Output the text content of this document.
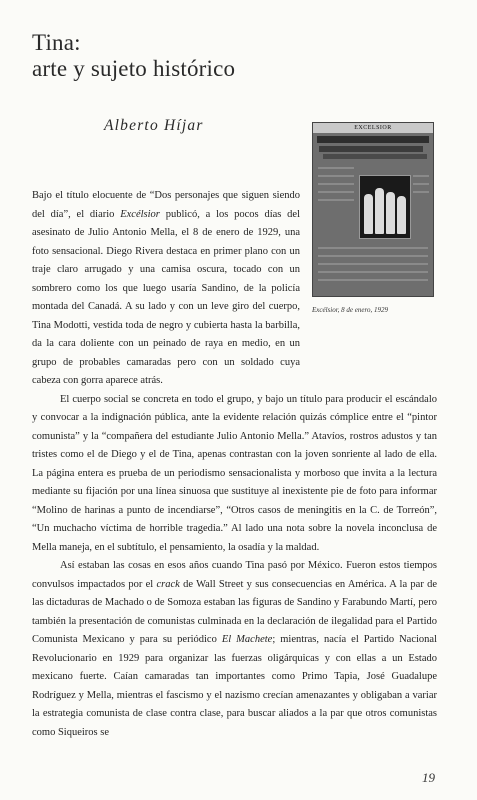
Tina:
arte y sujeto histórico
Alberto Híjar	EXCELSIOR
Excélsior, 8 de enero, 1929

Bajo el título elocuente de “Dos personajes que siguen siendo del día”, el diario Excélsior publicó, a los pocos días del asesinato de Julio Antonio Mella, el 8 de enero de 1929, una foto sensacional. Diego Rivera destaca en primer plano con un traje claro arrugado y una camisa oscura, tocado con un sombrero como los que luego usaría Sandino, de la policía montada del Canadá. A su lado y con un leve giro del cuerpo, Tina Modotti, vestida toda de negro y cubierta hasta la barbilla, da la cara doliente con un peinado de raya en medio, en un grupo de probables camaradas pero con un soldado cuya cabeza con gorra aparece atrás.

El cuerpo social se concreta en todo el grupo, y bajo un título para producir el escándalo y convocar a la indignación pública, ante la evidente relación quizás cómplice entre el “pintor comunista” y la “compañera del estudiante Julio Antonio Mella.” Atavíos, rostros adustos y tan tristes como el de Diego y el de Tina, apenas contrastan con la joven sonriente al lado de ella. La página entera es prueba de un periodismo sensacionalista y morboso que invita a la lectura mediante su fijación por una línea sinuosa que sustituye al inexistente pie de foto para informar “Molino de harinas a punto de incendiarse”, “Otros casos de meningitis en la C. de Torreón”, “Un muchacho víctima de horrible tragedia.” Al lado una nota sobre la novela inconclusa de Mella maneja, en el subtítulo, el pensamiento, la osadía y la maldad.

Así estaban las cosas en esos años cuando Tina pasó por México. Fueron estos tiempos convulsos impactados por el crack de Wall Street y sus consecuencias en América. A la par de las dictaduras de Machado o de Somoza estaban las figuras de Sandino y Farabundo Martí, pero también la presentación de comunistas culminada en la declaración de ilegalidad para el Partido Comunista Mexicano y para su periódico El Machete; mientras, nacía el Partido Nacional Revolucionario en 1929 para organizar las fuerzas oligárquicas y con ellas a un Estado mexicano fuerte. Caían camaradas tan importantes como Primo Tapia, José Guadalupe Rodríguez y Mella, mientras el fascismo y el nazismo crecían amenazantes y obligaban a variar la estrategia comunista de clase contra clase, para buscar aliados a la par que otros comunistas como Siqueiros se

19
